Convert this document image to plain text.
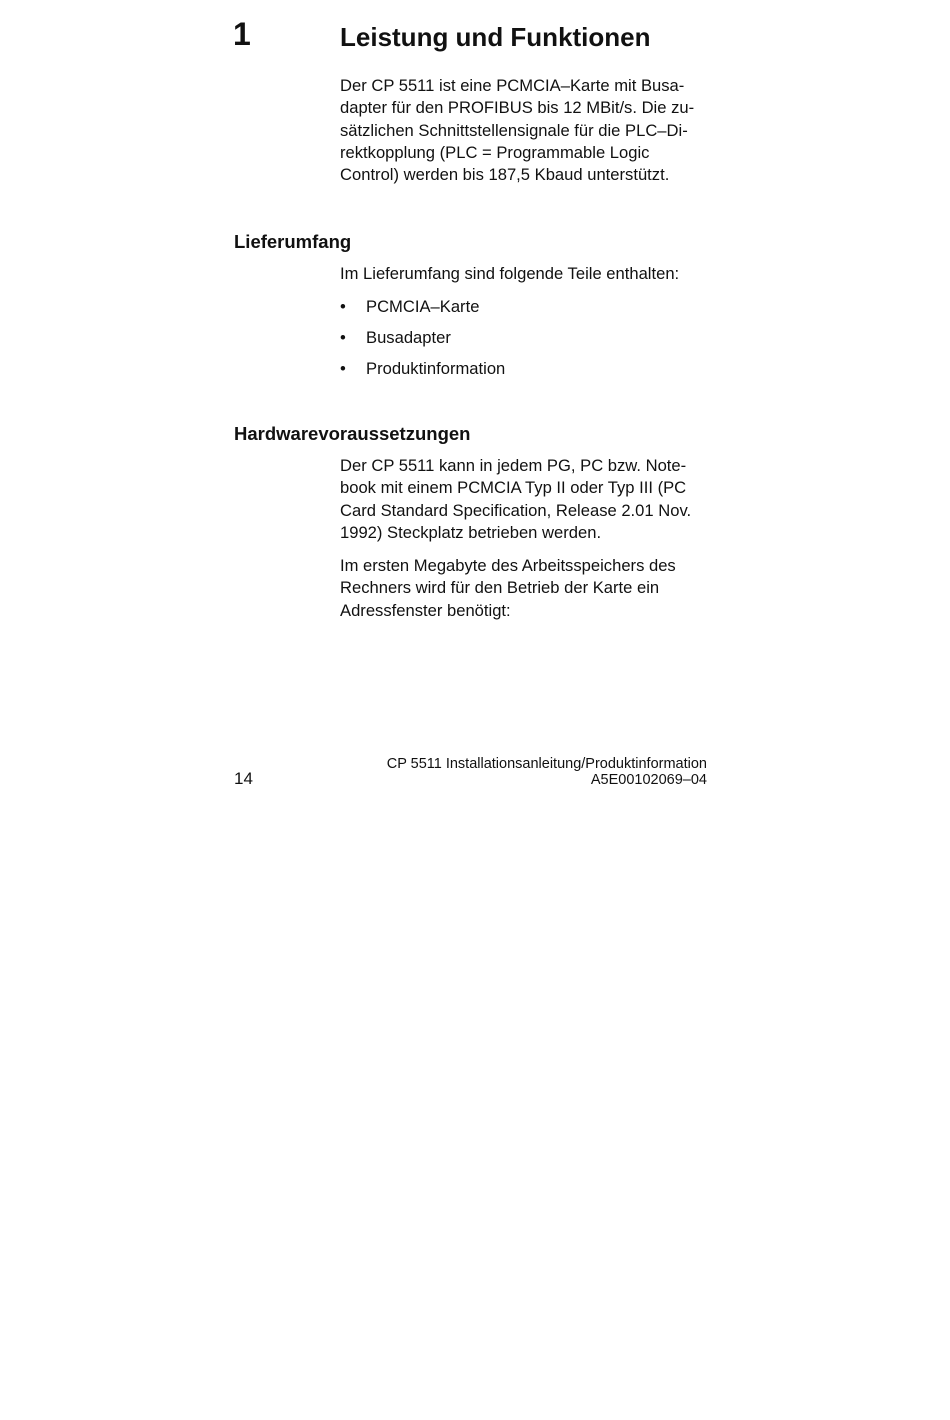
1	Leistung und Funktionen
Der CP 5511 ist eine PCMCIA–Karte mit Busa-
dapter für den PROFIBUS bis 12 MBit/s. Die zu-
sätzlichen Schnittstellensignale für die PLC–Di-
rektkopplung (PLC = Programmable Logic
Control) werden bis 187,5 Kbaud unterstützt.
Lieferumfang
Im Lieferumfang sind folgende Teile enthalten:
• PCMCIA–Karte
• Busadapter
• Produktinformation
Hardwarevoraussetzungen
Der CP 5511 kann in jedem PG, PC bzw. Note-
book mit einem PCMCIA Typ II oder Typ III (PC
Card Standard Specification, Release 2.01 Nov.
1992) Steckplatz betrieben werden.
Im ersten Megabyte des Arbeitsspeichers des
Rechners wird für den Betrieb der Karte ein
Adressfenster benötigt:
14
CP 5511 Installationsanleitung/Produktinformation
A5E00102069–04
